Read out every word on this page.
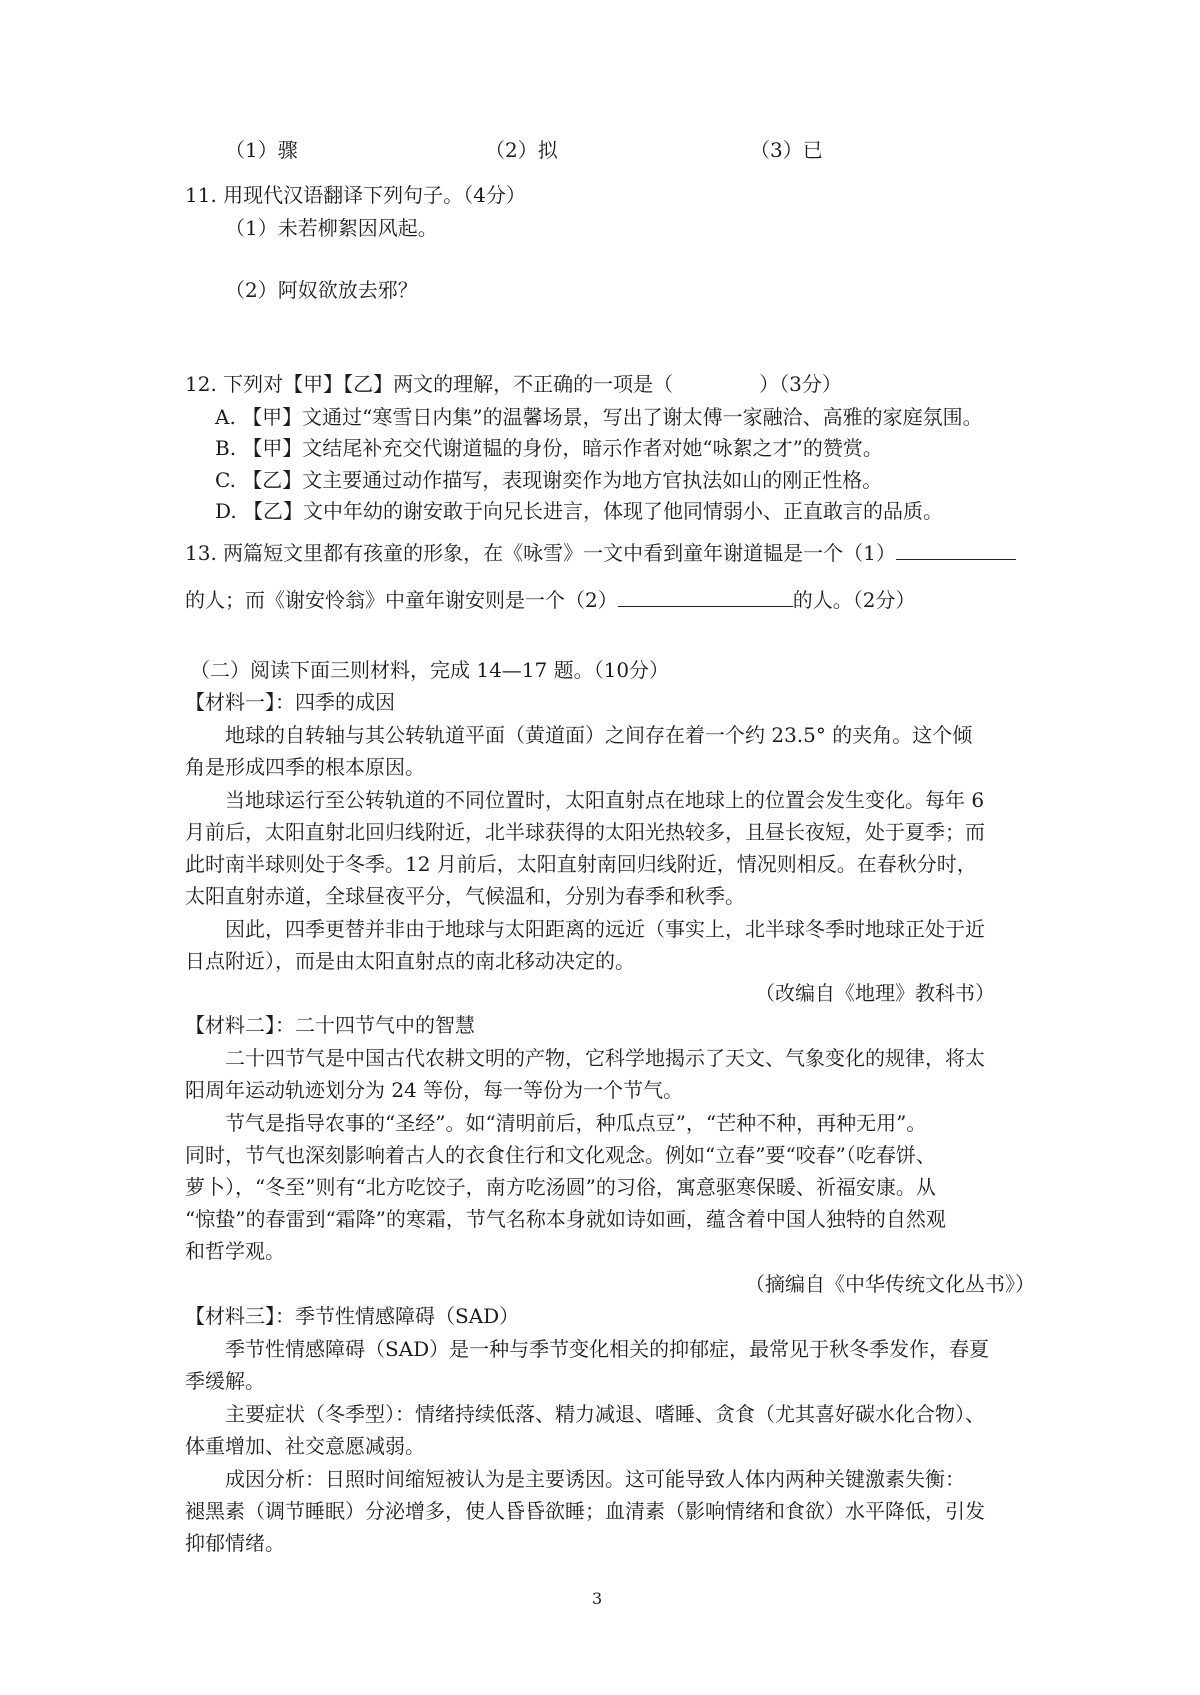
（1）骤	（2）拟	（3）已
11. 用现代汉语翻译下列句子。（4分）
（1）未若柳絮因风起。
（2）阿奴欲放去邪？
12. 下列对【甲】【乙】两文的理解，不正确的一项是（	）（3分）
A. 【甲】文通过“寒雪日内集”的温馨场景，写出了谢太傅一家融洽、高雅的家庭氛围。
B. 【甲】文结尾补充交代谢道韫的身份，暗示作者对她“咏絮之才”的赞赏。
C. 【乙】文主要通过动作描写，表现谢奕作为地方官执法如山的刚正性格。
D. 【乙】文中年幼的谢安敢于向兄长进言，体现了他同情弱小、正直敢言的品质。
13. 两篇短文里都有孩童的形象，在《咏雪》一文中看到童年谢道韫是一个（1）
的人；而《谢安怜翁》中童年谢安则是一个（2）	的人。（2分）
（二）阅读下面三则材料，完成 14—17 题。（10分）
【材料一】：四季的成因
地球的自转轴与其公转轨道平面（黄道面）之间存在着一个约 23.5° 的夹角。这个倾
角是形成四季的根本原因。
当地球运行至公转轨道的不同位置时，太阳直射点在地球上的位置会发生变化。每年 6
月前后，太阳直射北回归线附近，北半球获得的太阳光热较多，且昼长夜短，处于夏季；而
此时南半球则处于冬季。12 月前后，太阳直射南回归线附近，情况则相反。在春秋分时，
太阳直射赤道，全球昼夜平分，气候温和，分别为春季和秋季。
因此，四季更替并非由于地球与太阳距离的远近（事实上，北半球冬季时地球正处于近
日点附近），而是由太阳直射点的南北移动决定的。
（改编自《地理》教科书）
【材料二】：二十四节气中的智慧
二十四节气是中国古代农耕文明的产物，它科学地揭示了天文、气象变化的规律，将太
阳周年运动轨迹划分为 24 等份，每一等份为一个节气。
节气是指导农事的“圣经”。如“清明前后，种瓜点豆”，“芒种不种，再种无用”。
同时，节气也深刻影响着古人的衣食住行和文化观念。例如“立春”要“咬春”（吃春饼、
萝卜），“冬至”则有“北方吃饺子，南方吃汤圆”的习俗，寓意驱寒保暖、祈福安康。从
“惊蛰”的春雷到“霜降”的寒霜，节气名称本身就如诗如画，蕴含着中国人独特的自然观
和哲学观。
（摘编自《中华传统文化丛书》）
【材料三】：季节性情感障碍（SAD）
季节性情感障碍（SAD）是一种与季节变化相关的抑郁症，最常见于秋冬季发作，春夏
季缓解。
主要症状（冬季型）：情绪持续低落、精力减退、嗜睡、贪食（尤其喜好碳水化合物）、
体重增加、社交意愿减弱。
成因分析：日照时间缩短被认为是主要诱因。这可能导致人体内两种关键激素失衡：
褪黑素（调节睡眠）分泌增多，使人昏昏欲睡；血清素（影响情绪和食欲）水平降低，引发
抑郁情绪。
3
